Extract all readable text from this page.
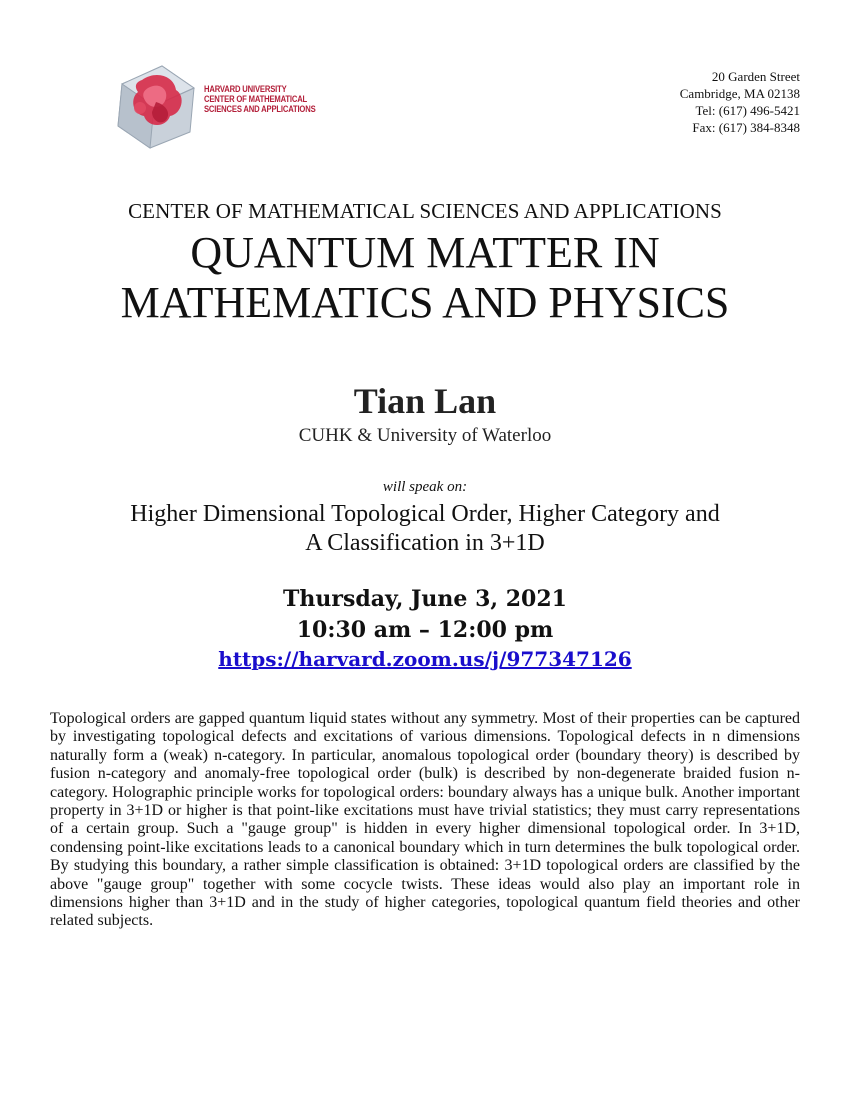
HARVARD UNIVERSITY
CENTER OF MATHEMATICAL
SCIENCES AND APPLICATIONS
20 Garden Street
Cambridge, MA 02138
Tel: (617) 496-5421
Fax: (617) 384-8348
CENTER OF MATHEMATICAL SCIENCES AND APPLICATIONS
QUANTUM MATTER IN
MATHEMATICS AND PHYSICS
Tian Lan
CUHK & University of Waterloo
will speak on:
Higher Dimensional Topological Order, Higher Category and
A Classification in 3+1D
Thursday, June 3, 2021
10:30 am – 12:00 pm
https://harvard.zoom.us/j/977347126
Topological orders are gapped quantum liquid states without any symmetry. Most of their properties can be captured by investigating topological defects and excitations of various dimensions. Topological defects in n dimensions naturally form a (weak) n-category. In particular, anomalous topological order (boundary theory) is described by fusion n-category and anomaly-free topological order (bulk) is described by non-degenerate braided fusion n-category. Holographic principle works for topological orders: boundary always has a unique bulk. Another important property in 3+1D or higher is that point-like excitations must have trivial statistics; they must carry representations of a certain group. Such a "gauge group" is hidden in every higher dimensional topological order. In 3+1D, condensing point-like excitations leads to a canonical boundary which in turn determines the bulk topological order. By studying this boundary, a rather simple classification is obtained: 3+1D topological orders are classified by the above "gauge group" together with some cocycle twists. These ideas would also play an important role in dimensions higher than 3+1D and in the study of higher categories, topological quantum field theories and other related subjects.
